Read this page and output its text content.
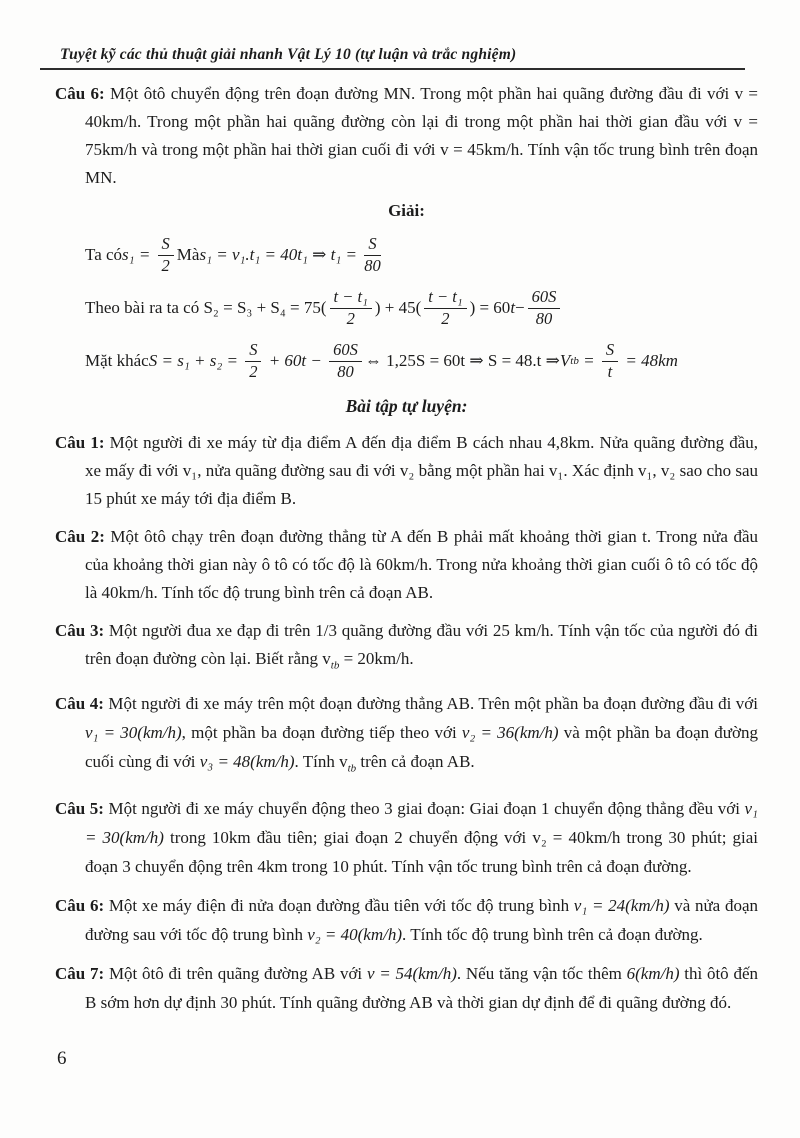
Tuyệt kỹ các thủ thuật giải nhanh Vật Lý 10 (tự luận và trắc nghiệm)

Câu 6: Một ôtô chuyển động trên đoạn đường MN. Trong một phần hai quãng đường đầu đi với v = 40km/h. Trong một phần hai quãng đường còn lại đi trong một phần hai thời gian đầu với v = 75km/h và trong một phần hai thời gian cuối đi với v = 45km/h. Tính vận tốc trung bình trên đoạn MN.

Giải:
Ta có $s_1 = \frac{S}{2}$ Mà s₁ = v₁.t₁ = 40t₁ ⇒ $t_1 = \frac{S}{80}$
Theo bài ra ta có $S_2 = S_3 + S_4 = 75( \frac{\text{t − t₁}}{2}$ ) + $45( \frac{\text{t − t₁}}{2}$ ) = 60 $t - \frac{60S}{80}$
Mặt khác $S = s_1 + s_2 = \frac{S}{2} + 60t - \frac{60S}{80}$ ⇔ 1,25S = 60t ⇒ S = 48.t ⇒ V tb = $\frac{S}{t} = 48km$
Bài tập tự luyện:

Câu 1: Một người đi xe máy từ địa điểm A đến địa điểm B cách nhau 4,8km. Nửa quãng đường đầu, xe mấy đi với v₁, nửa quãng đường sau đi với v₂ bằng một phần hai v₁. Xác định v₁, v₂ sao cho sau 15 phút xe máy tới địa điểm B.

Câu 2: Một ôtô chạy trên đoạn đường thẳng từ A đến B phải mất khoảng thời gian t. Trong nửa đầu của khoảng thời gian này ô tô có tốc độ là 60km/h. Trong nửa khoảng thời gian cuối ô tô có tốc độ là 40km/h. Tính tốc độ trung bình trên cả đoạn AB.

Câu 3: Một người đua xe đạp đi trên 1/3 quãng đường đầu với 25 km/h. Tính vận tốc của người đó đi trên đoạn đường còn lại. Biết rằng $v_{tb} = 20km/h$.

Câu 4: Một người đi xe máy trên một đoạn đường thẳng AB. Trên một phần ba đoạn đường đầu đi với v₁ = 30(km/h), một phần ba đoạn đường tiếp theo với v₂ = 36(km/h) và một phần ba đoạn đường cuối cùng đi với v₃ = 48(km/h). Tính $v_{tb}$ trên cả đoạn AB.

Câu 5: Một người đi xe máy chuyển động theo 3 giai đoạn: Giai đoạn 1 chuyển động thẳng đều với v₁ = 30(km/h) trong 10km đầu tiên; giai đoạn 2 chuyển động với v₂ = 40km/h trong 30 phút; giai đoạn 3 chuyển động trên 4km trong 10 phút. Tính vận tốc trung bình trên cả đoạn đường.

Câu 6: Một xe máy điện đi nửa đoạn đường đầu tiên với tốc độ trung bình v₁ = 24(km/h) và nửa đoạn đường sau với tốc độ trung bình v₂ = 40(km/h). Tính tốc độ trung bình trên cả đoạn đường.

Câu 7: Một ôtô đi trên quãng đường AB với v = 54(km/h). Nếu tăng vận tốc thêm 6(km/h) thì ôtô đến B sớm hơn dự định 30 phút. Tính quãng đường AB và thời gian dự định để đi quãng đường đó.

6
